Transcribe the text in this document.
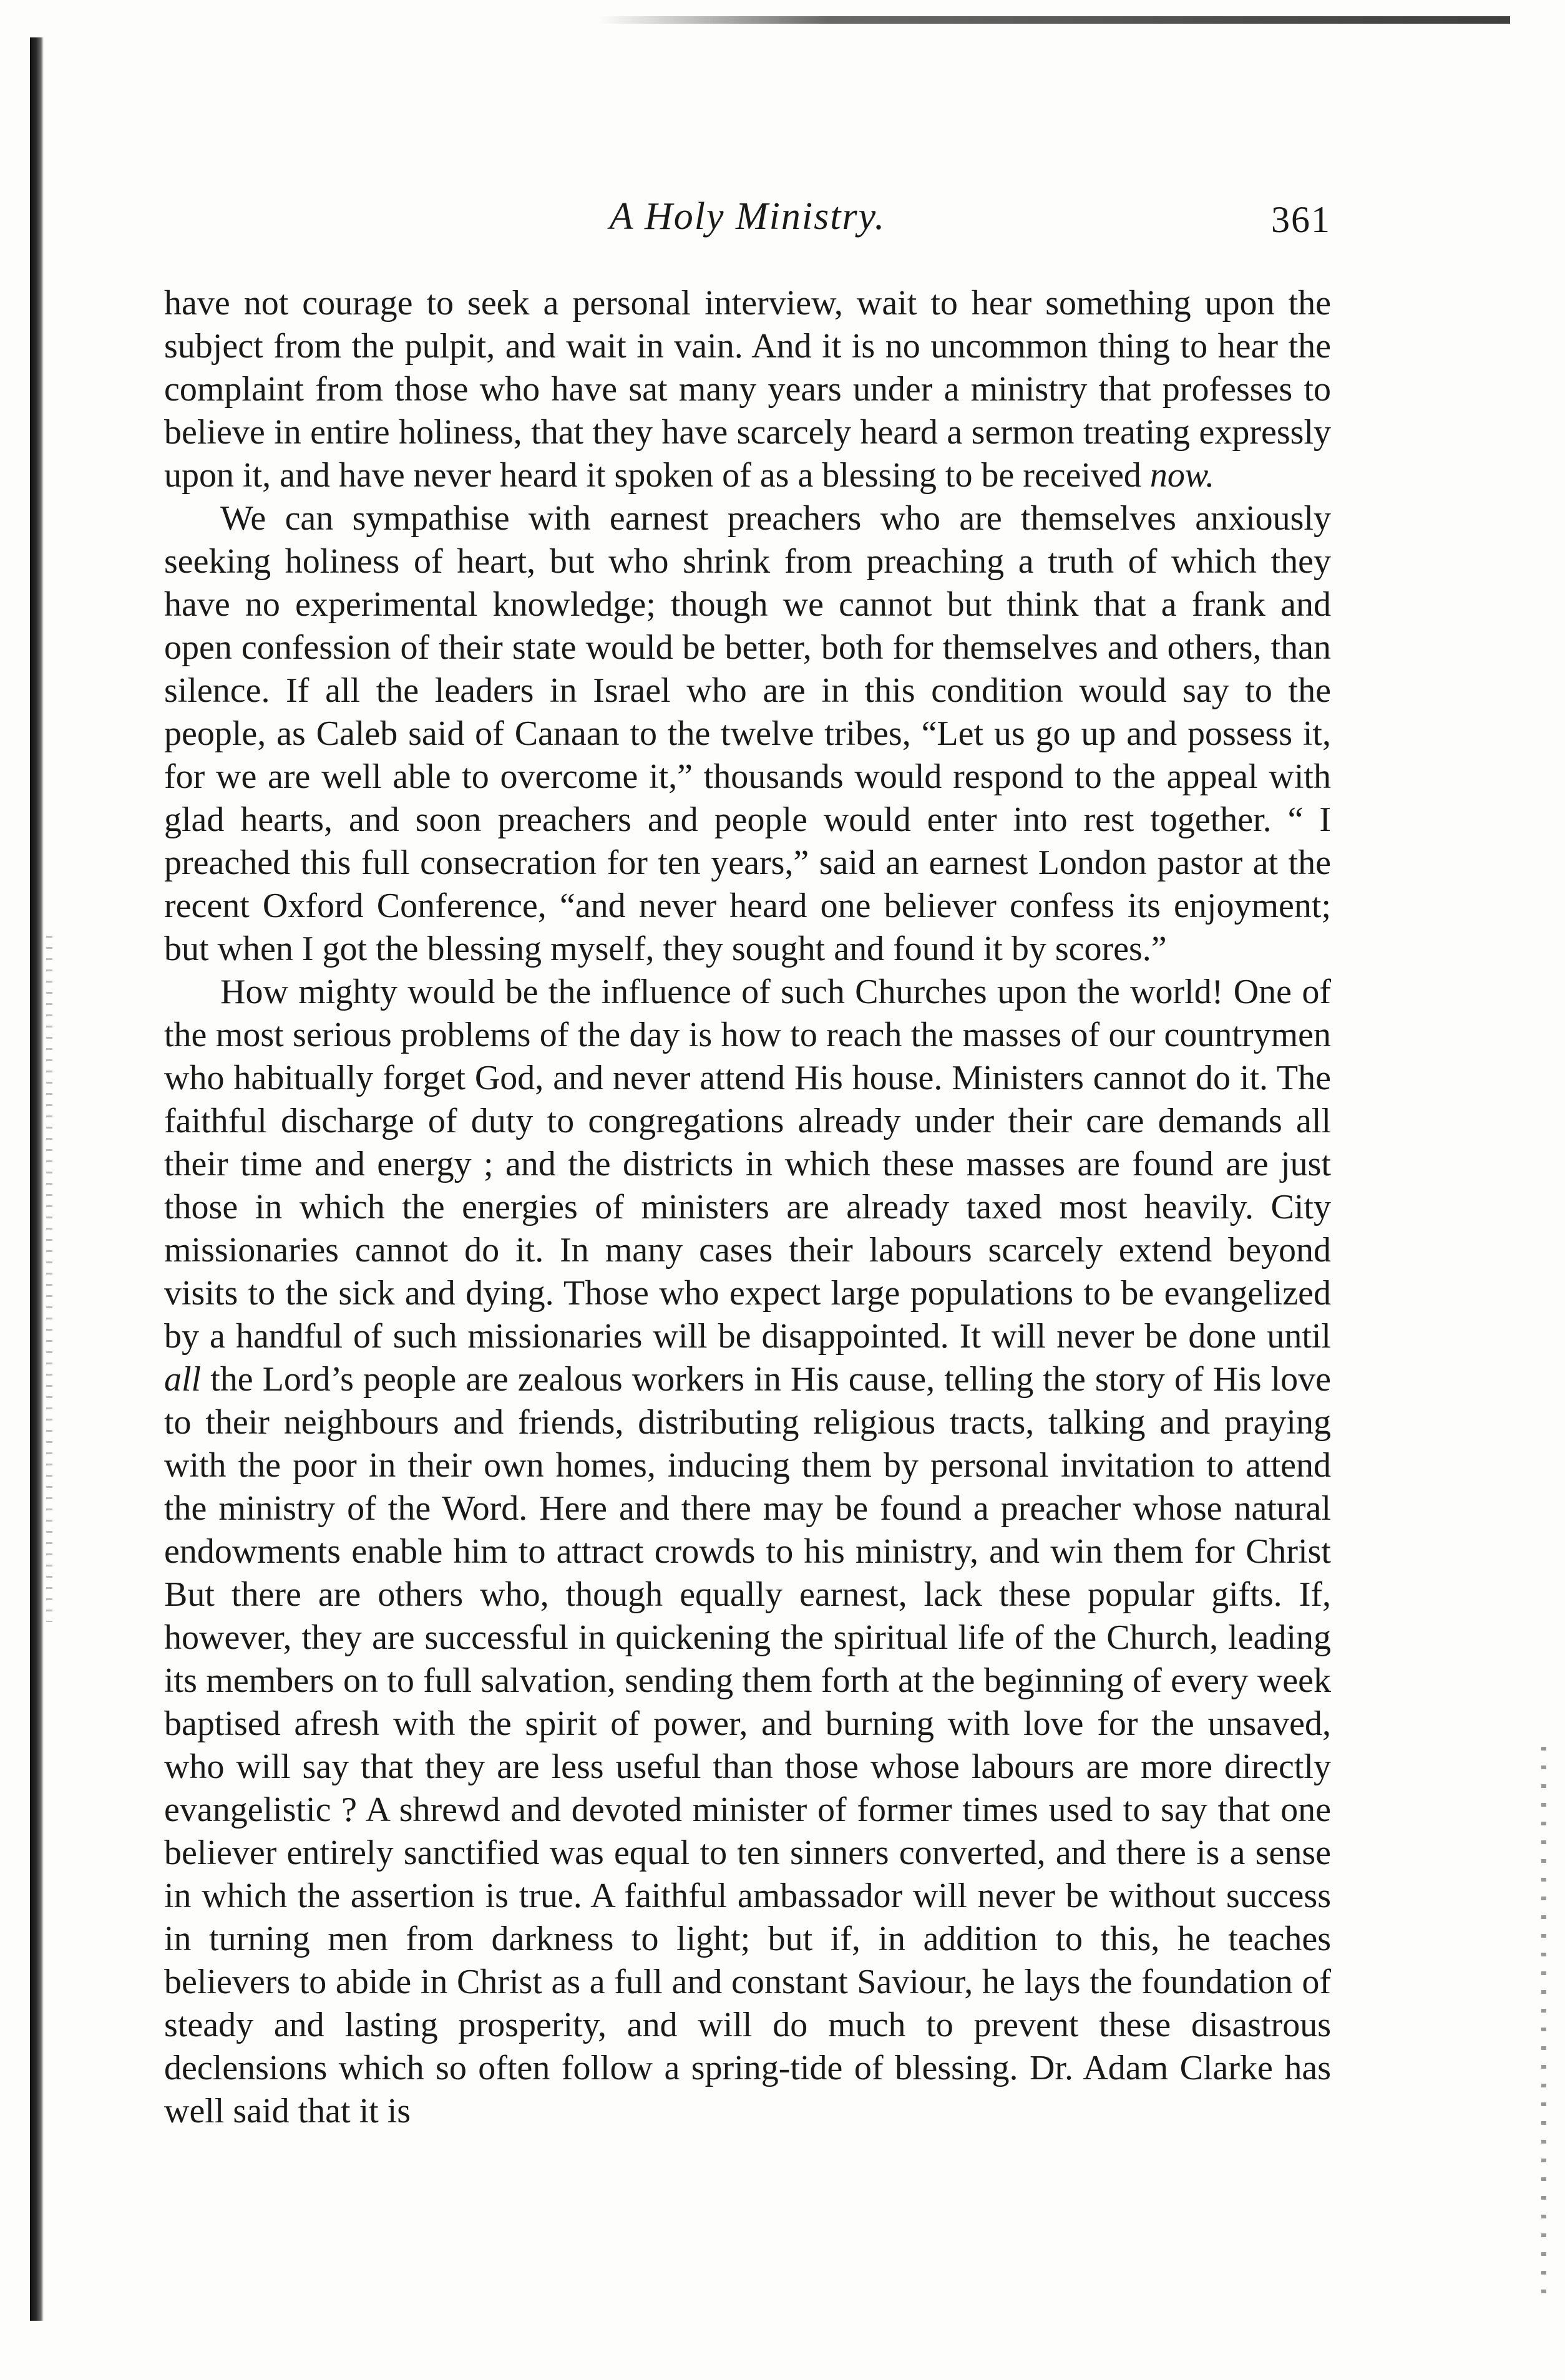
A Holy Ministry.	361

have not courage to seek a personal interview, wait to hear something upon the subject from the pulpit, and wait in vain. And it is no uncommon thing to hear the complaint from those who have sat many years under a ministry that professes to believe in entire holiness, that they have scarcely heard a sermon treating expressly upon it, and have never heard it spoken of as a blessing to be received now.

We can sympathise with earnest preachers who are themselves anxiously seeking holiness of heart, but who shrink from preaching a truth of which they have no experimental knowledge; though we cannot but think that a frank and open confession of their state would be better, both for themselves and others, than silence. If all the leaders in Israel who are in this condition would say to the people, as Caleb said of Canaan to the twelve tribes, “Let us go up and possess it, for we are well able to overcome it,” thousands would respond to the appeal with glad hearts, and soon preachers and people would enter into rest together. “ I preached this full consecration for ten years,” said an earnest London pastor at the recent Oxford Conference, “and never heard one believer confess its enjoyment; but when I got the blessing myself, they sought and found it by scores.”

How mighty would be the influence of such Churches upon the world! One of the most serious problems of the day is how to reach the masses of our countrymen who habitually forget God, and never attend His house. Ministers cannot do it. The faithful discharge of duty to congregations already under their care demands all their time and energy ; and the districts in which these masses are found are just those in which the energies of ministers are already taxed most heavily. City missionaries cannot do it. In many cases their labours scarcely extend beyond visits to the sick and dying. Those who expect large populations to be evangelized by a handful of such missionaries will be disappointed. It will never be done until all the Lord’s people are zealous workers in His cause, telling the story of His love to their neighbours and friends, distributing religious tracts, talking and praying with the poor in their own homes, inducing them by personal invitation to attend the ministry of the Word. Here and there may be found a preacher whose natural endowments enable him to attract crowds to his ministry, and win them for Christ But there are others who, though equally earnest, lack these popular gifts. If, however, they are successful in quickening the spiritual life of the Church, leading its members on to full salvation, sending them forth at the beginning of every week baptised afresh with the spirit of power, and burning with love for the unsaved, who will say that they are less useful than those whose labours are more directly evangelistic ? A shrewd and devoted minister of former times used to say that one believer entirely sanctified was equal to ten sinners converted, and there is a sense in which the assertion is true. A faithful ambassador will never be without success in turning men from darkness to light; but if, in addition to this, he teaches believers to abide in Christ as a full and constant Saviour, he lays the foundation of steady and lasting prosperity, and will do much to prevent these disastrous declensions which so often follow a spring-tide of blessing. Dr. Adam Clarke has well said that it is
